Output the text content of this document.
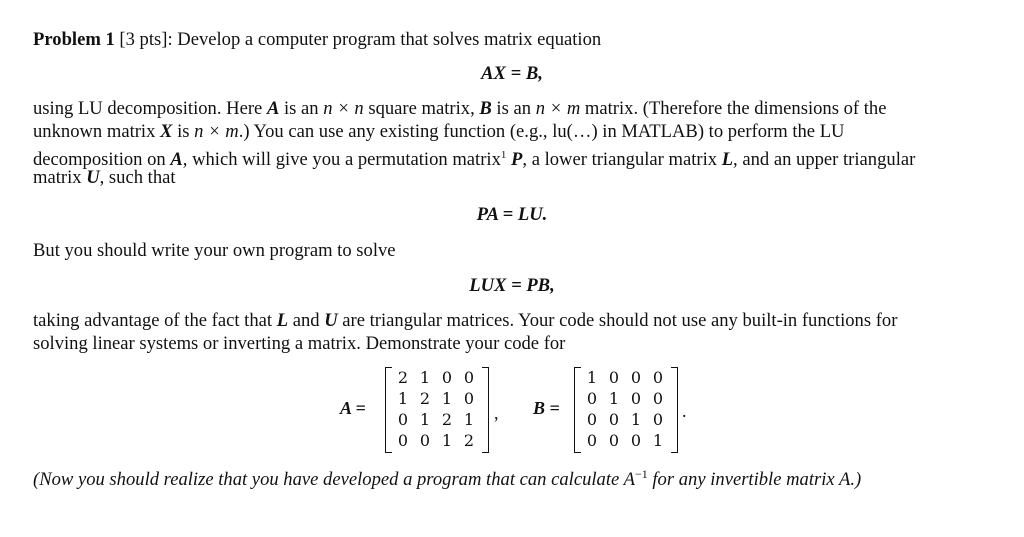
Problem 1 [3 pts]: Develop a computer program that solves matrix equation
AX = B,
using LU decomposition. Here A is an n × n square matrix, B is an n × m matrix. (Therefore the dimensions of the
unknown matrix X is n × m.) You can use any existing function (e.g., lu(…) in MATLAB) to perform the LU
decomposition on A, which will give you a permutation matrix$^1$ P, a lower triangular matrix L, and an upper triangular
matrix U, such that
PA = LU.
But you should write your own program to solve
LUX = PB,
taking advantage of the fact that L and U are triangular matrices. Your code should not use any built-in functions for
solving linear systems or inverting a matrix. Demonstrate your code for
A =
2 1 0 0
1 2 1 0
0 1 2 1
0 0 1 2
, B =
1 0 0 0
0 1 0 0
0 0 1 0
0 0 0 1
.
(Now you should realize that you have developed a program that can calculate $A^{-1}$ for any invertible matrix A.)
